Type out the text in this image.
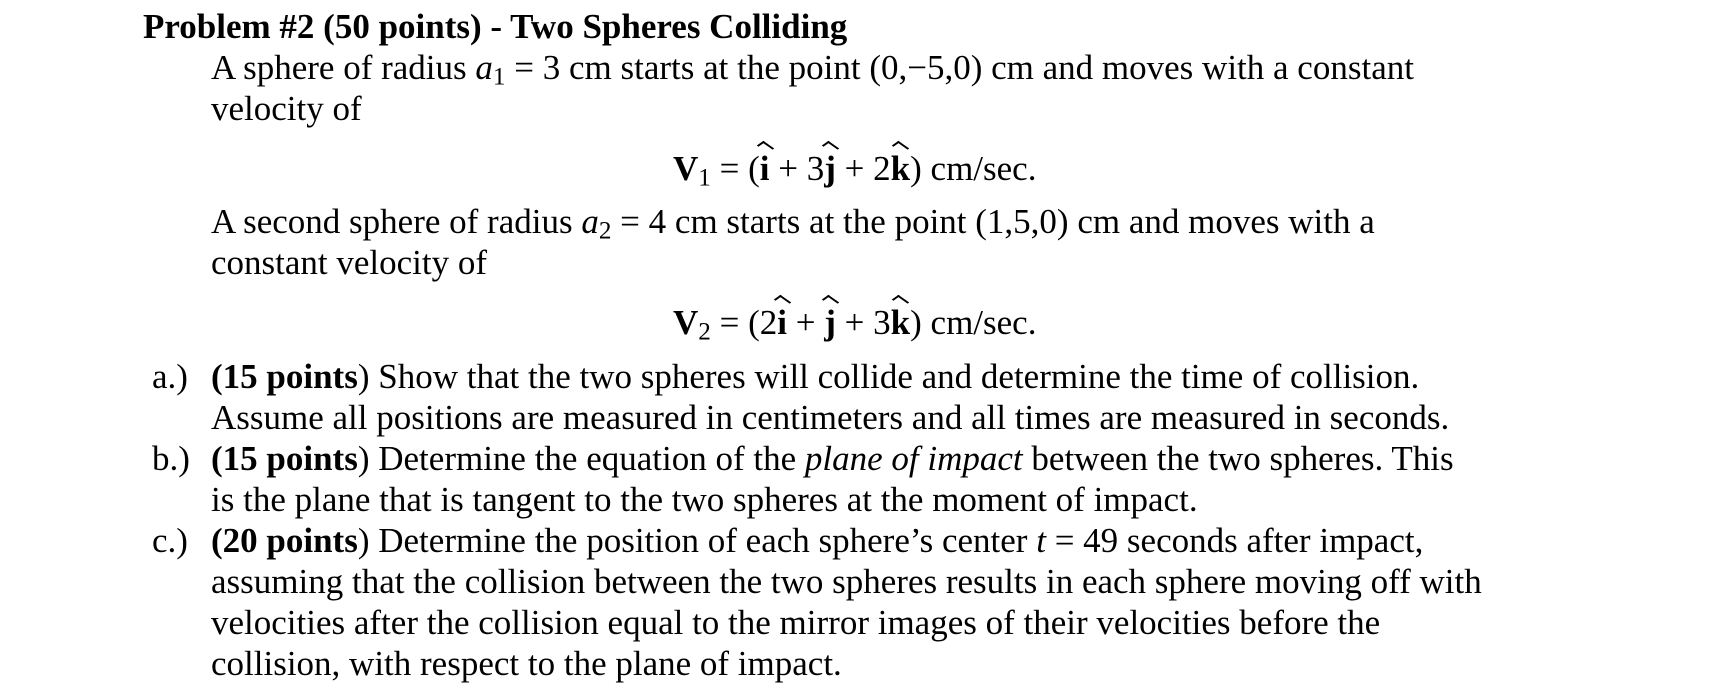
Problem #2 (50 points) - Two Spheres Colliding
A sphere of radius $a_1 = 3$ cm starts at the point (0,−5,0) cm and moves with a constant
velocity of
$V_1 = (i + 3j + 2k)$ cm/sec.
A second sphere of radius $a_2 = 4$ cm starts at the point (1,5,0) cm and moves with a
constant velocity of
$V_2 = (2i + j + 3k)$ cm/sec.
a.) (15 points) Show that the two spheres will collide and determine the time of collision.
Assume all positions are measured in centimeters and all times are measured in seconds.
b.) (15 points) Determine the equation of the plane of impact between the two spheres. This
is the plane that is tangent to the two spheres at the moment of impact.
c.) (20 points) Determine the position of each sphere’s center t = 49 seconds after impact,
assuming that the collision between the two spheres results in each sphere moving off with
velocities after the collision equal to the mirror images of their velocities before the
collision, with respect to the plane of impact.
